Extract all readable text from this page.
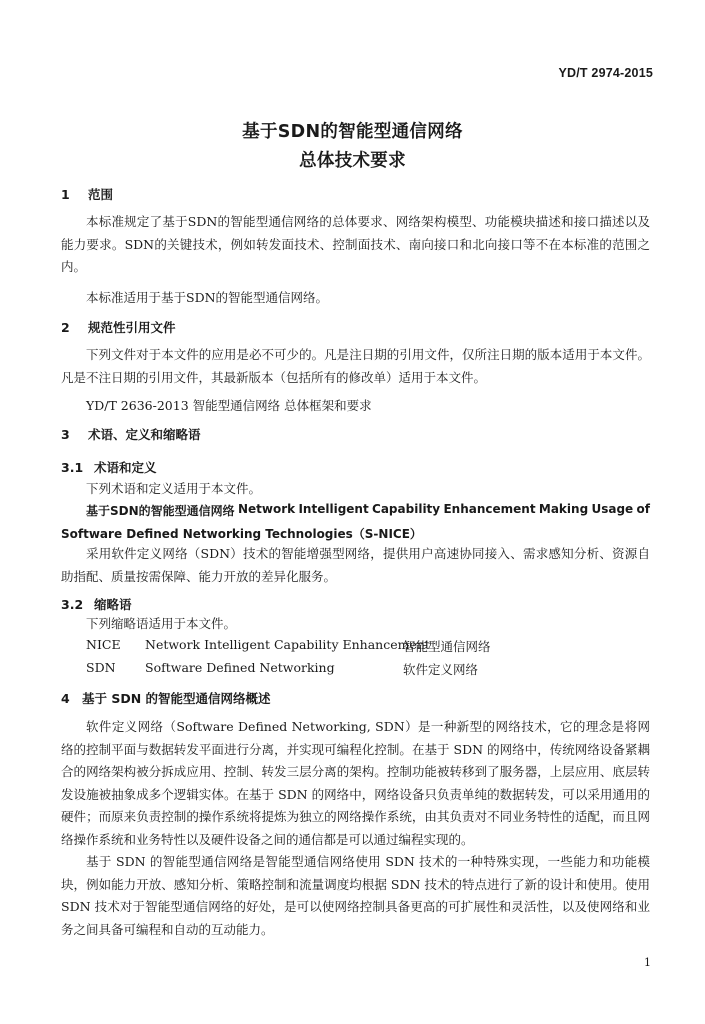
YD/T 2974-2015
基于SDN的智能型通信网络
总体技术要求
1 范围
本标准规定了基于SDN的智能型通信网络的总体要求、网络架构模型、功能模块描述和接口描述以及能力要求。SDN的关键技术，例如转发面技术、控制面技术、南向接口和北向接口等不在本标准的范围之内。
本标准适用于基于SDN的智能型通信网络。
2 规范性引用文件
下列文件对于本文件的应用是必不可少的。凡是注日期的引用文件，仅所注日期的版本适用于本文件。凡是不注日期的引用文件，其最新版本（包括所有的修改单）适用于本文件。
YD/T 2636-2013 智能型通信网络 总体框架和要求
3 术语、定义和缩略语
3.1 术语和定义
下列术语和定义适用于本文件。
基于SDN的智能型通信网络 Network Intelligent Capability Enhancement Making Usage of
Software Defined Networking Technologies（S-NICE）
采用软件定义网络（SDN）技术的智能增强型网络，提供用户高速协同接入、需求感知分析、资源自助指配、质量按需保障、能力开放的差异化服务。
3.2 缩略语
下列缩略语适用于本文件。
NICE Network Intelligent Capability Enhancement
智能型通信网络
SDN Software Defined Networking	软件定义网络
4 基于 SDN 的智能型通信网络概述
软件定义网络（Software Defined Networking, SDN）是一种新型的网络技术，它的理念是将网络的控制平面与数据转发平面进行分离，并实现可编程化控制。在基于 SDN 的网络中，传统网络设备紧耦合的网络架构被分拆成应用、控制、转发三层分离的架构。控制功能被转移到了服务器，上层应用、底层转发设施被抽象成多个逻辑实体。在基于 SDN 的网络中，网络设备只负责单纯的数据转发，可以采用通用的硬件；而原来负责控制的操作系统将提炼为独立的网络操作系统，由其负责对不同业务特性的适配，而且网络操作系统和业务特性以及硬件设备之间的通信都是可以通过编程实现的。
基于 SDN 的智能型通信网络是智能型通信网络使用 SDN 技术的一种特殊实现，一些能力和功能模块，例如能力开放、感知分析、策略控制和流量调度均根据 SDN 技术的特点进行了新的设计和使用。使用 SDN 技术对于智能型通信网络的好处，是可以使网络控制具备更高的可扩展性和灵活性，以及使网络和业务之间具备可编程和自动的互动能力。
1
